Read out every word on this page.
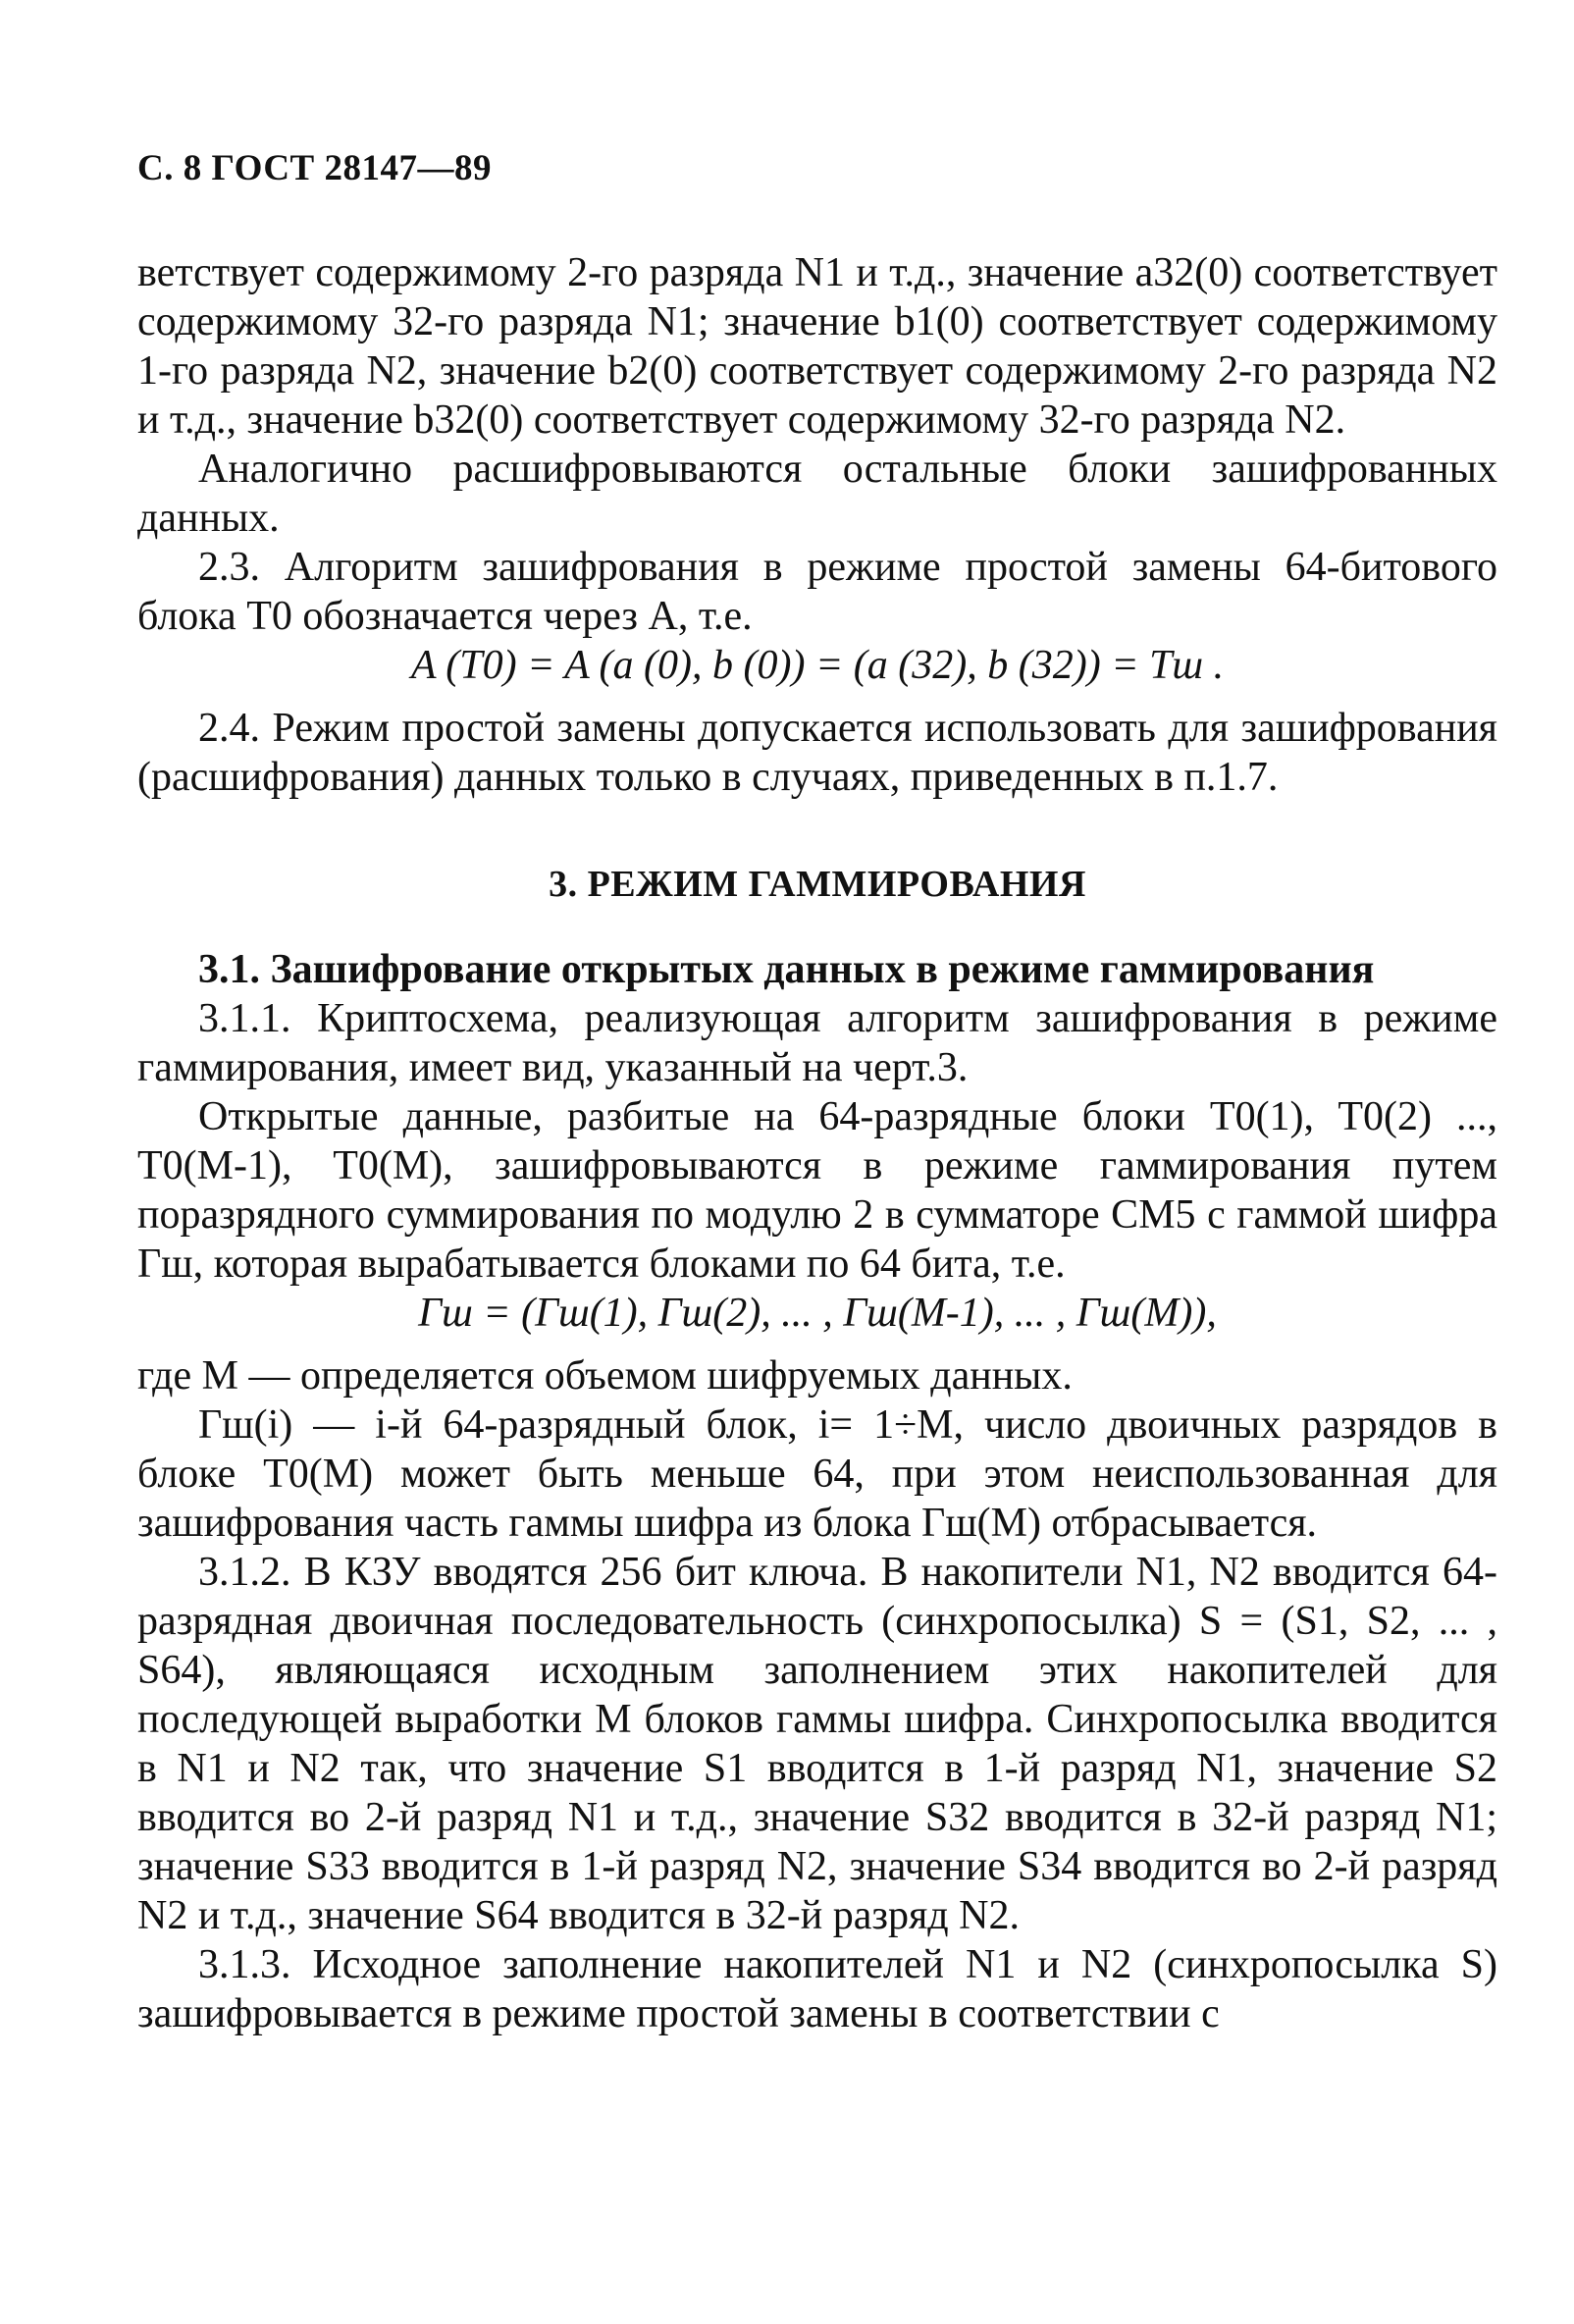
С. 8 ГОСТ 28147—89

ветствует содержимому 2-го разряда N1 и т.д., значение a32(0) соответствует содержимому 32-го разряда N1; значение b1(0) соответствует содержимому 1-го разряда N2, значение b2(0) соответствует содержимому 2-го разряда N2 и т.д., значение b32(0) соответствует содержимому 32-го разряда N2.

Аналогично расшифровываются остальные блоки зашифрованных данных.

2.3. Алгоритм зашифрования в режиме простой замены 64-битового блока T0 обозначается через A, т.е.

A (T0) = A (a (0), b (0)) = (a (32), b (32)) = Tш .

2.4. Режим простой замены допускается использовать для зашифрования (расшифрования) данных только в случаях, приведенных в п.1.7.

3. РЕЖИМ ГАММИРОВАНИЯ

3.1. Зашифрование открытых данных в режиме гаммирования

3.1.1. Криптосхема, реализующая алгоритм зашифрования в режиме гаммирования, имеет вид, указанный на черт.3.

Открытые данные, разбитые на 64-разрядные блоки T0(1), T0(2) ..., T0(M-1), T0(M), зашифровываются в режиме гаммирования путем поразрядного суммирования по модулю 2 в сумматоре СМ5 с гаммой шифра Гш, которая вырабатывается блоками по 64 бита, т.е.

Гш = (Гш(1), Гш(2), ... , Гш(M-1), ... , Гш(M)),

где M — определяется объемом шифруемых данных.

Гш(i) — i-й 64-разрядный блок, i= 1÷M, число двоичных разрядов в блоке T0(M) может быть меньше 64, при этом неиспользованная для зашифрования часть гаммы шифра из блока Гш(M) отбрасывается.

3.1.2. В КЗУ вводятся 256 бит ключа. В накопители N1, N2 вводится 64-разрядная двоичная последовательность (синхропосылка) S = (S1, S2, ... , S64), являющаяся исходным заполнением этих накопителей для последующей выработки M блоков гаммы шифра. Синхропосылка вводится в N1 и N2 так, что значение S1 вводится в 1-й разряд N1, значение S2 вводится во 2-й разряд N1 и т.д., значение S32 вводится в 32-й разряд N1; значение S33 вводится в 1-й разряд N2, значение S34 вводится во 2-й разряд N2 и т.д., значение S64 вводится в 32-й разряд N2.

3.1.3. Исходное заполнение накопителей N1 и N2 (синхропосылка S) зашифровывается в режиме простой замены в соответствии с
